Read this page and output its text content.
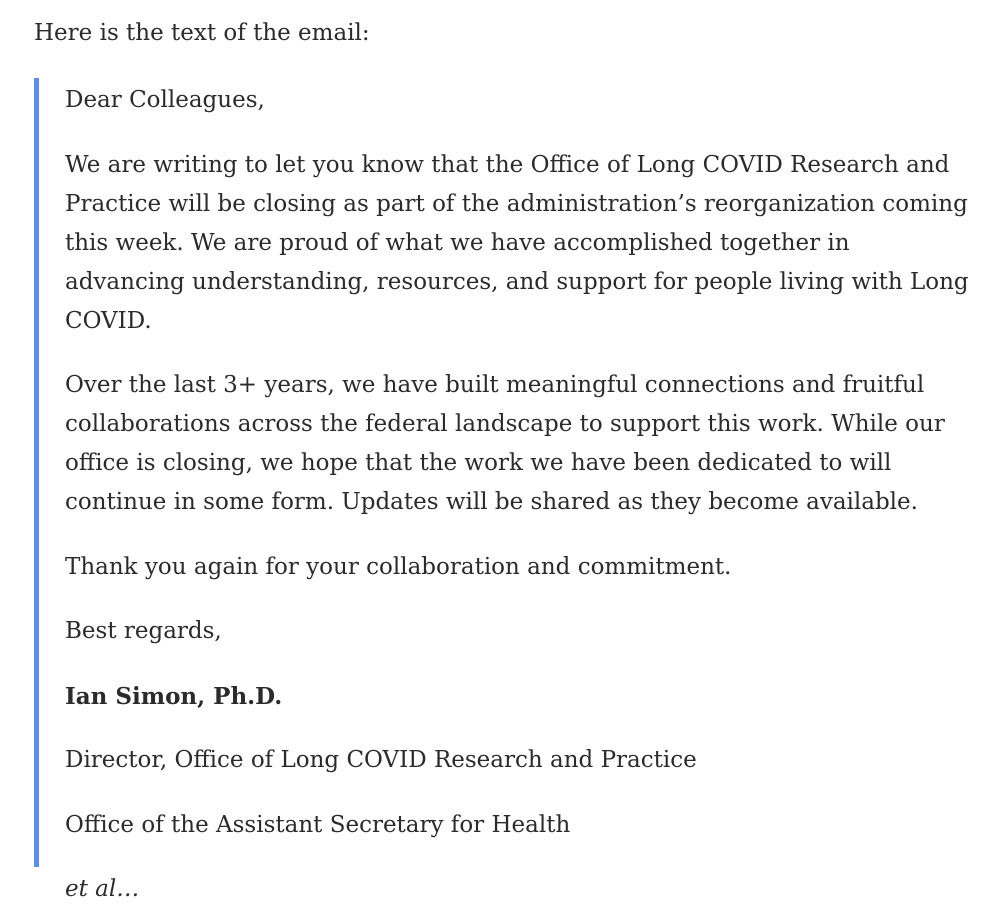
Here is the text of the email:

Dear Colleagues,

We are writing to let you know that the Office of Long COVID Research and Practice will be closing as part of the administration’s reorganization coming this week. We are proud of what we have accomplished together in advancing understanding, resources, and support for people living with Long COVID.

Over the last 3+ years, we have built meaningful connections and fruitful collaborations across the federal landscape to support this work. While our office is closing, we hope that the work we have been dedicated to will continue in some form. Updates will be shared as they become available.

Thank you again for your collaboration and commitment.

Best regards,

Ian Simon, Ph.D.

Director, Office of Long COVID Research and Practice

Office of the Assistant Secretary for Health

et al…
